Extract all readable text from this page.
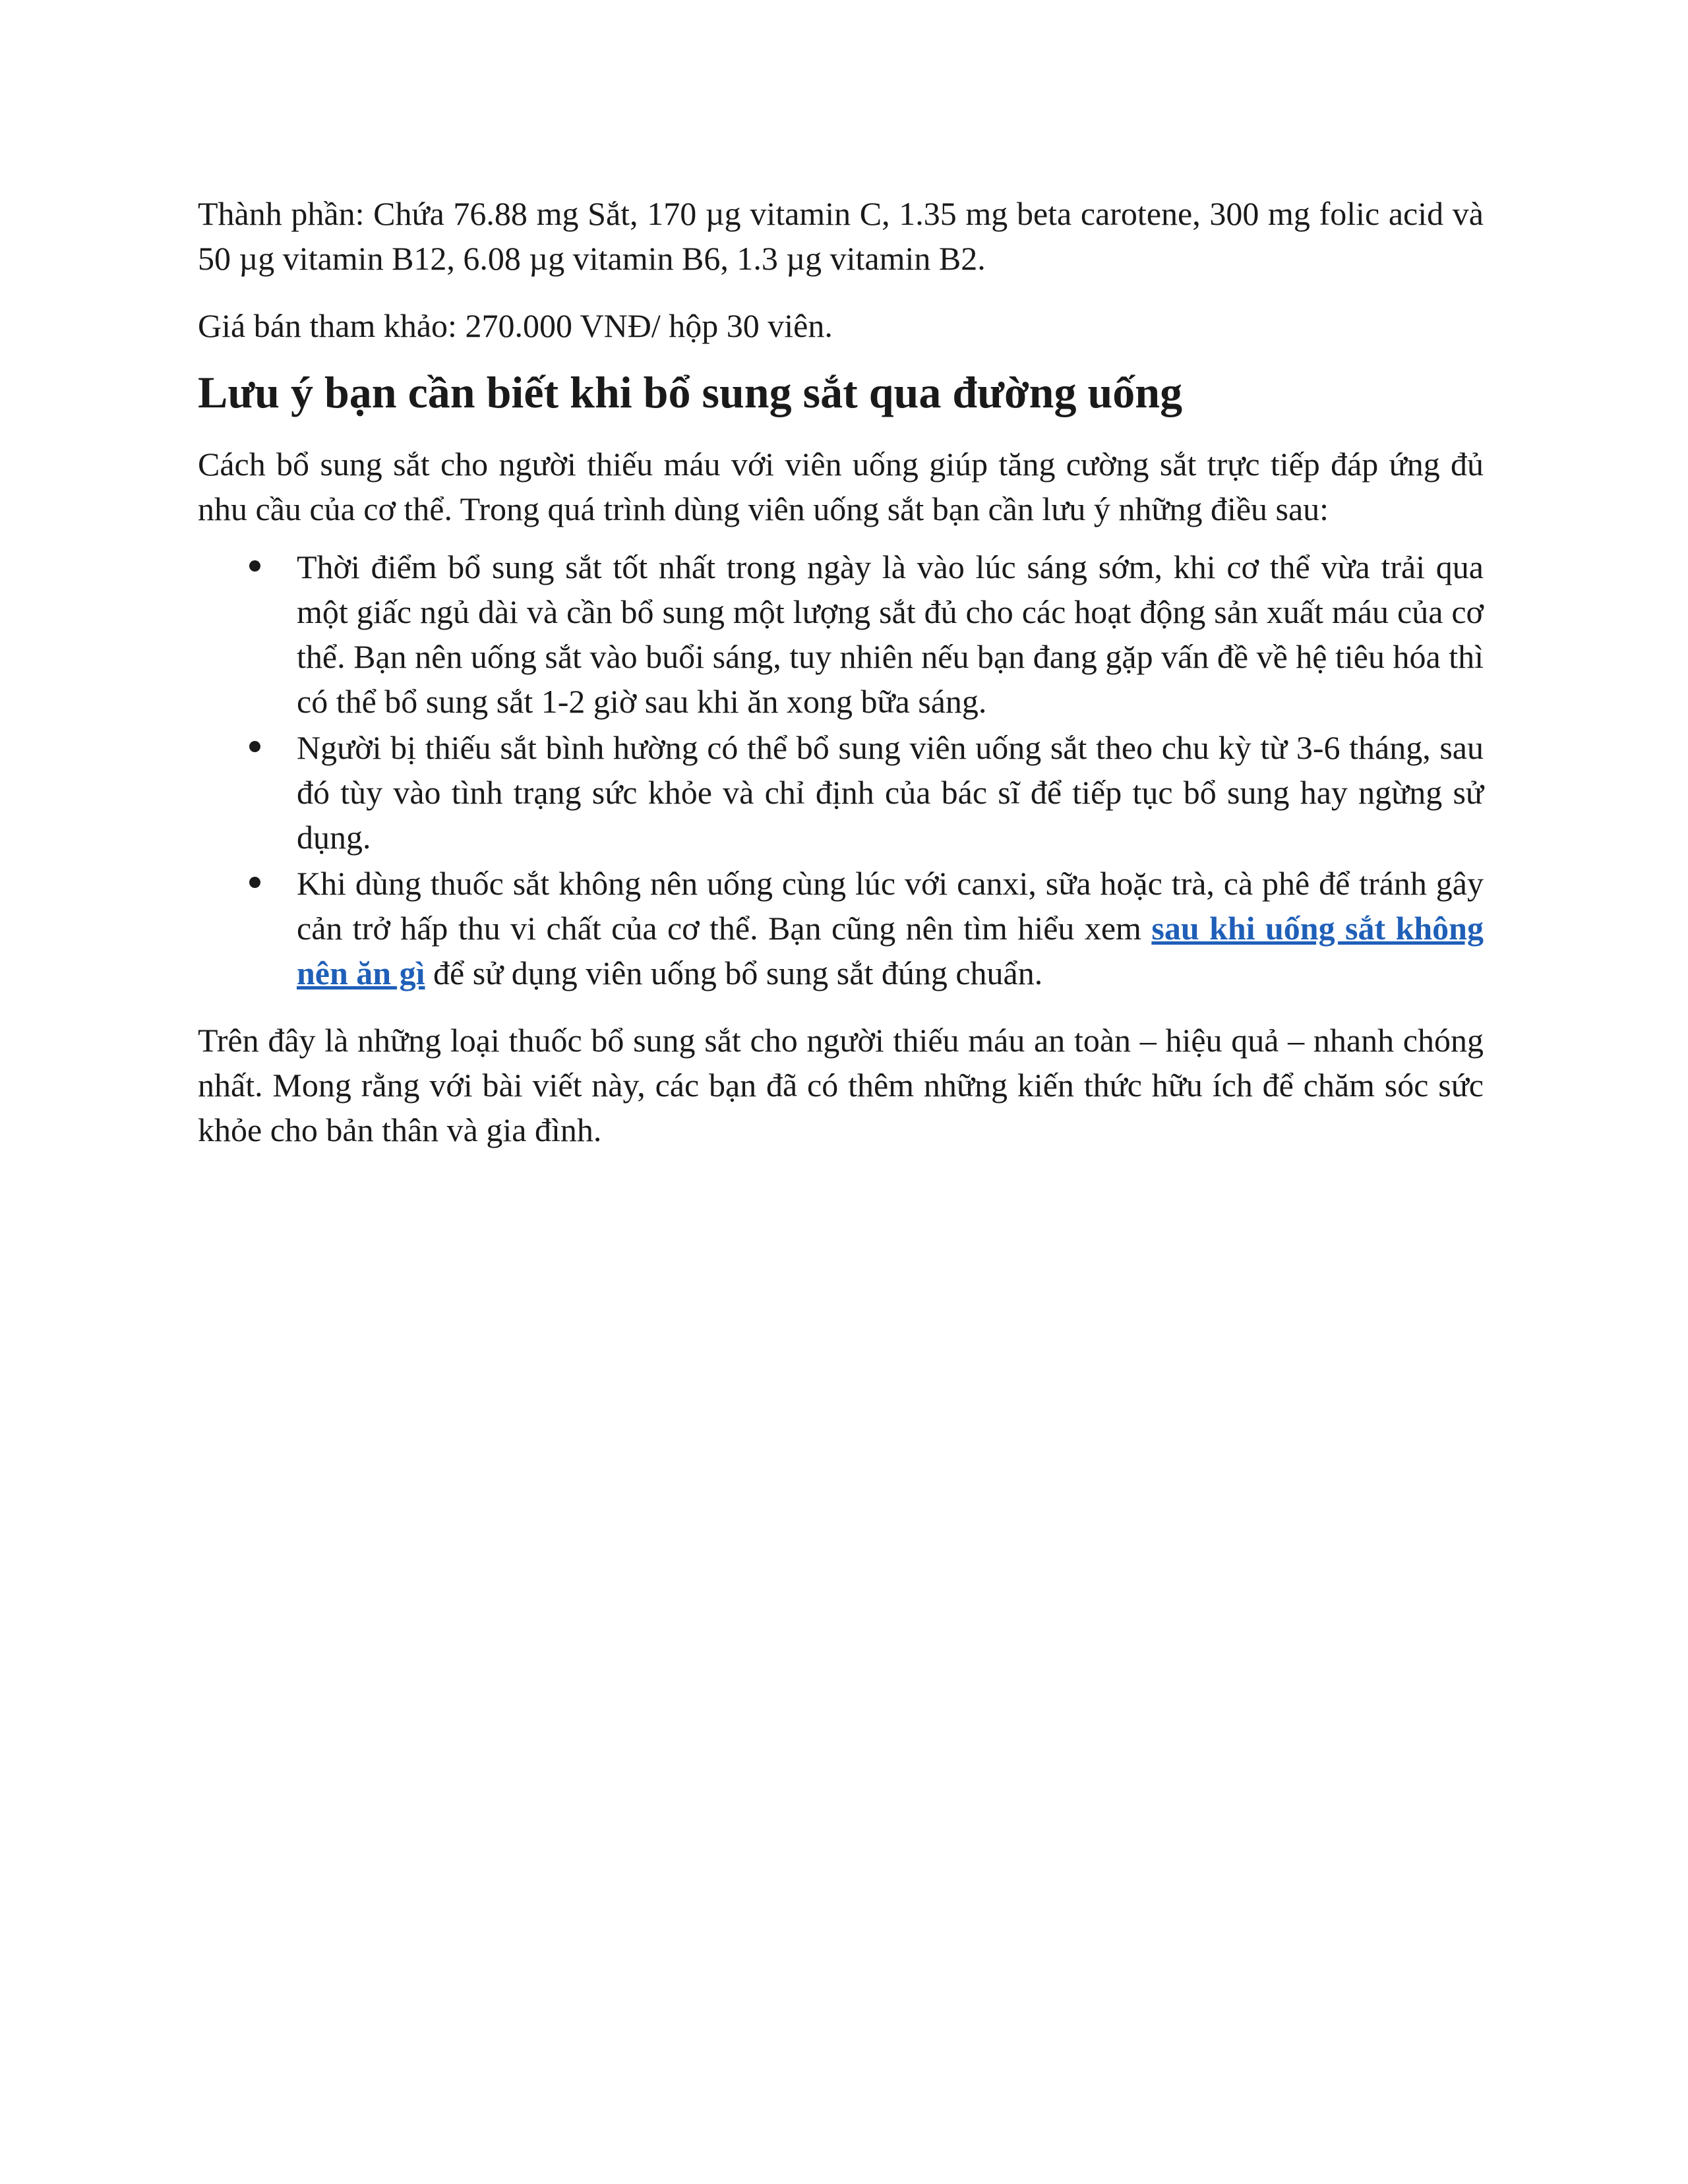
Thành phần: Chứa 76.88 mg Sắt, 170 µg vitamin C, 1.35 mg beta carotene, 300 mg folic acid và 50 µg vitamin B12, 6.08 µg vitamin B6, 1.3 µg vitamin B2.

Giá bán tham khảo: 270.000 VNĐ/ hộp 30 viên.

Lưu ý bạn cần biết khi bổ sung sắt qua đường uống

Cách bổ sung sắt cho người thiếu máu với viên uống giúp tăng cường sắt trực tiếp đáp ứng đủ nhu cầu của cơ thể. Trong quá trình dùng viên uống sắt bạn cần lưu ý những điều sau:

Thời điểm bổ sung sắt tốt nhất trong ngày là vào lúc sáng sớm, khi cơ thể vừa trải qua một giấc ngủ dài và cần bổ sung một lượng sắt đủ cho các hoạt động sản xuất máu của cơ thể. Bạn nên uống sắt vào buổi sáng, tuy nhiên nếu bạn đang gặp vấn đề về hệ tiêu hóa thì có thể bổ sung sắt 1-2 giờ sau khi ăn xong bữa sáng.
Người bị thiếu sắt bình hường có thể bổ sung viên uống sắt theo chu kỳ từ 3-6 tháng, sau đó tùy vào tình trạng sức khỏe và chỉ định của bác sĩ để tiếp tục bổ sung hay ngừng sử dụng.
Khi dùng thuốc sắt không nên uống cùng lúc với canxi, sữa hoặc trà, cà phê để tránh gây cản trở hấp thu vi chất của cơ thể. Bạn cũng nên tìm hiểu xem sau khi uống sắt không nên ăn gì để sử dụng viên uống bổ sung sắt đúng chuẩn.

Trên đây là những loại thuốc bổ sung sắt cho người thiếu máu an toàn – hiệu quả – nhanh chóng nhất. Mong rằng với bài viết này, các bạn đã có thêm những kiến thức hữu ích để chăm sóc sức khỏe cho bản thân và gia đình.
